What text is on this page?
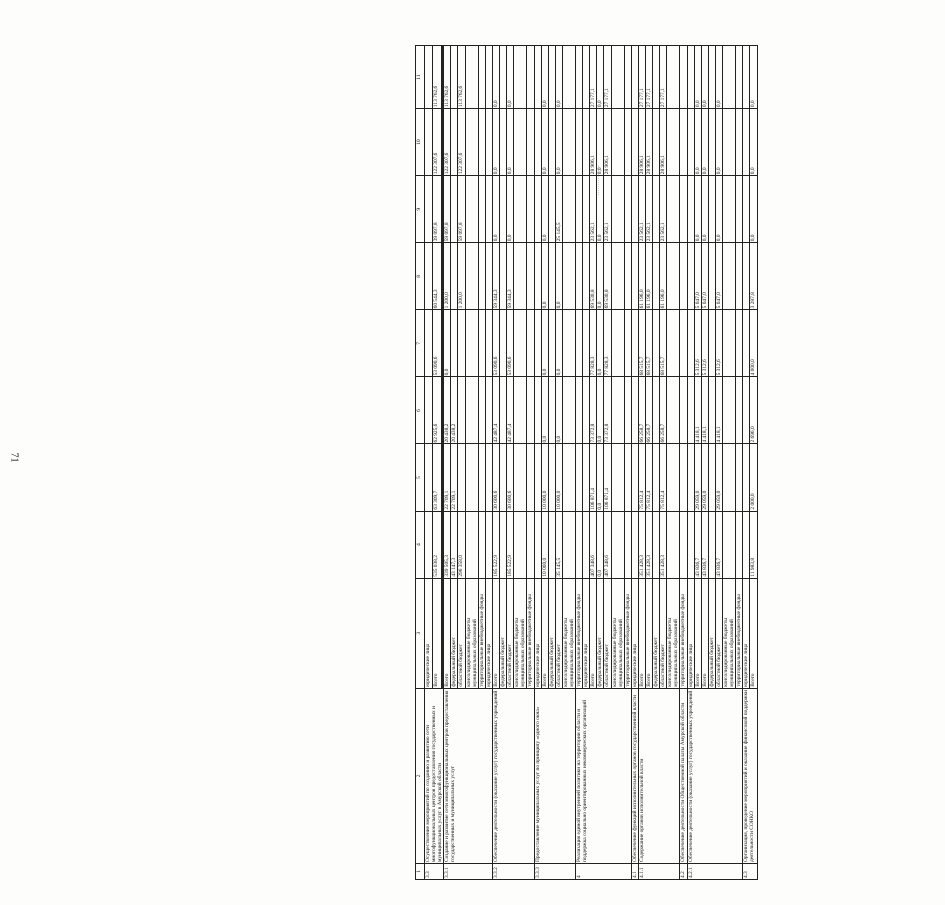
71
1	2	3	4	5	6	7	8	9	10	11
3.3	Осуществление мероприятий по созданию и развитию сети многофункциональных центров предоставления государственных и муниципальных услуг в Амурской области	юридические лица								
		Всего	535 038,2	63 309,7	62 925,6	53 090,6	60 544,3	39 097,8	122 307,6	113 762,6

3.3.1	Создание и развитие сети многофункциональных центров предоставления государственных и муниципальных услуг	Всего	339 505,3	22 709,1	20 438,2	0,0	1 200,0	59 097,8	122 307,6	113 762,6
		федеральный бюджет	43 147,3	22 709,1	20 438,2					
		областной бюджет	296 358,0				1 200,0	59 097,8	122 307,6	113 762,6
		консолидированные бюджеты муниципальных образований								
		территориальные внебюджетные фонды								
		юридические лица								
3.3.2	Обеспечение деятельности (оказание услуг) государственных учреждений	Всего	185 522,9	30 600,6	42 487,4	53 090,6	59 344,3	0,0	0,0	0,0
		федеральный бюджет								
		областной бюджет	185 522,9	30 600,6	42 487,4	53 090,6	59 344,3	0,0	0,0	0,0
		консолидированные бюджеты муниципальных образований								
		территориальные внебюджетные фонды								
3.3.3	Предоставление муниципальных услуг по принципу «одного окна»	юридические лица								
		Всего	10 000,0	10 000,0	0,0	0,0	0,0	0,0	0,0	0,0
		федеральный бюджет								
		областной бюджет	35 145,5	10 000,0	0,0	0,0	0,0	25 145,5	0,0	0,0
		консолидированные бюджеты муниципальных образований								
4	Реализация единой внутренней политики на территории области и поддержка социально ориентированных некоммерческих организаций	территориальные внебюджетные фонды								
		юридические лица								
		Всего	407 348,6	106 871,4	73 372,8	77 828,3	69 530,8	23 562,1	28 906,1	27 177,1
		федеральный бюджет	0,0	0,0	0,0	0,0	0,0	0,0	0,0	0,0
		областной бюджет	407 348,6	106 871,4	73 372,8	77 828,3	69 530,8	23 562,1	28 906,1	27 177,1
		консолидированные бюджеты муниципальных образований								
		территориальные внебюджетные фонды								
4.1	Обеспечение функций исполнительных органов государственной власти	юридические лица								
4.1.1	Содержание органов исполнительной власти	Всего	351 428,3	75 812,4	66 258,7	68 515,7	61 196,0	23 562,1	28 906,1	27 177,1
		Всего	351 428,3	75 812,4	66 258,7	68 515,7	61 196,0	23 562,1	28 906,1	27 177,1
		федеральный бюджет								
		областной бюджет	351 428,3	75 812,4	66 258,7	68 515,7	61 196,0	23 562,1	28 906,1	27 177,1
		консолидированные бюджеты муниципальных образований								
4.2	Обеспечение деятельности Общественной палаты Амурской области	территориальные внебюджетные фонды								
4.2.1	Обеспечение деятельности (оказание услуг) государственных учреждений	юридические лица								
		Всего	43 836,7	29 059,0	4 418,1	5 312,6	5 047,0	0,0	0,0	0,0
		Всего	43 836,7	29 059,0	4 418,1	5 312,6	5 047,0	0,0	0,0	0,0
		федеральный бюджет								
		областной бюджет	43 836,7	29 059,0	4 418,1	5 312,6	5 047,0	0,0	0,0	0,0
		консолидированные бюджеты муниципальных образований								
		территориальные внебюджетные фонды								
4.3	Организация, проведение мероприятий и оказание финансовой поддержки деятельности СОНКО	юридические лица								
		Всего	11 983,8	2 000,0	2 696,0	4 000,0	3 287,8	0,0	0,0	0,0
